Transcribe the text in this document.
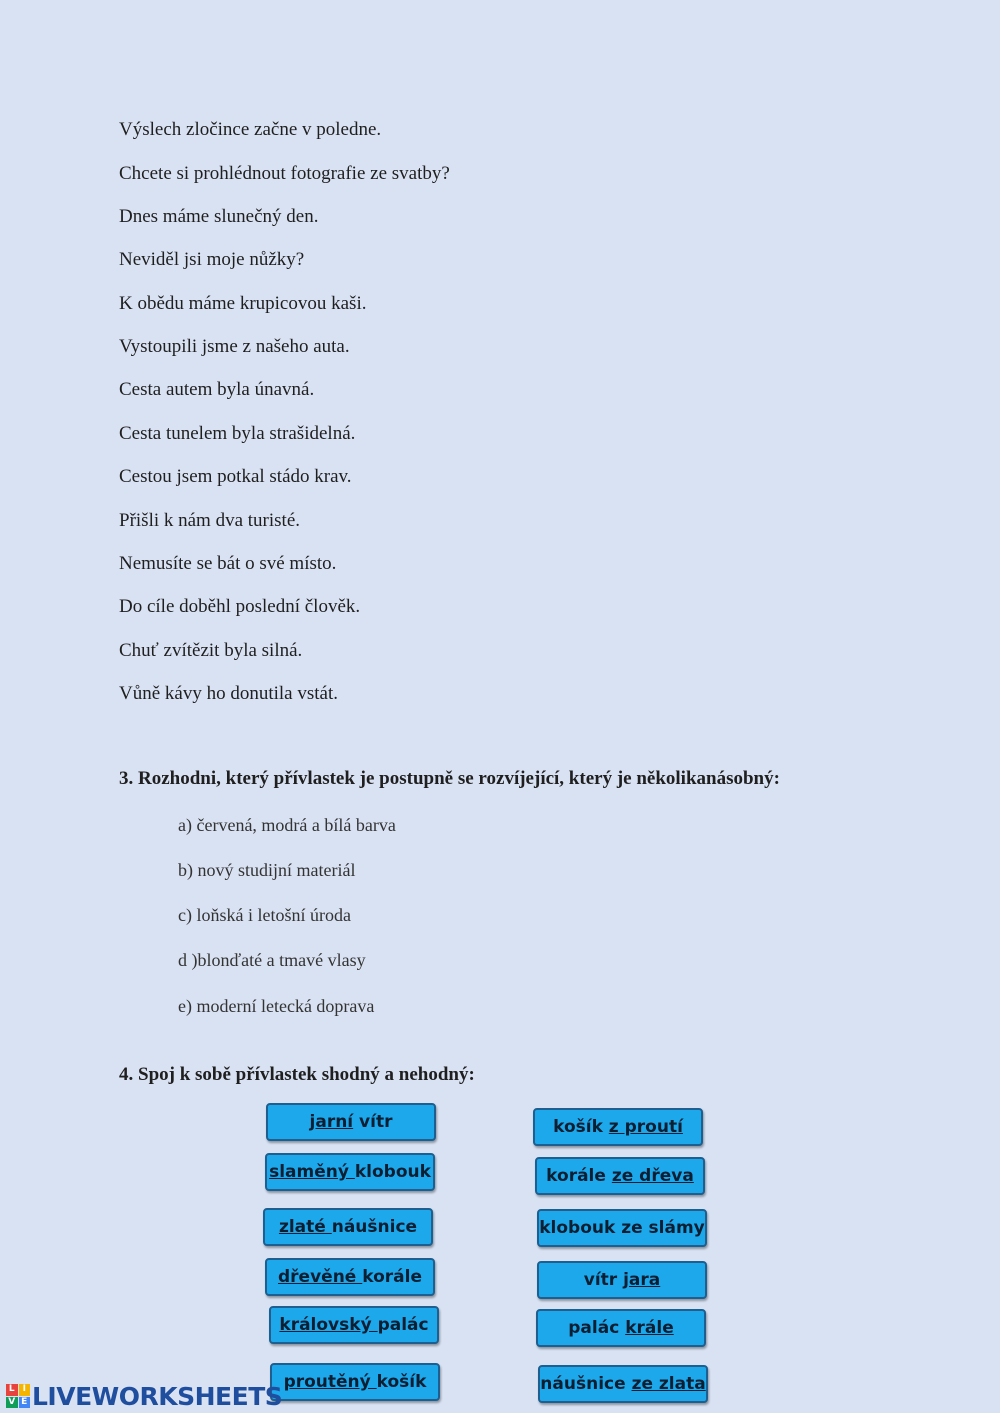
Výslech zločince začne v poledne.

Chcete si prohlédnout fotografie ze svatby?

Dnes máme slunečný den.

Neviděl jsi moje nůžky?

K obědu máme krupicovou kaši.

Vystoupili jsme z našeho auta.

Cesta autem byla únavná.

Cesta tunelem byla strašidelná.

Cestou jsem potkal stádo krav.

Přišli k nám dva turisté.

Nemusíte se bát o své místo.

Do cíle doběhl poslední člověk.

Chuť zvítězit byla silná.

Vůně kávy ho donutila vstát.

3. Rozhodni, který přívlastek je postupně se rozvíjející, který je několikanásobný:

a) červená, modrá a bílá barva

b) nový studijní materiál

c) loňská i letošní úroda

d )blonďaté a tmavé vlasy

e) moderní letecká doprava

4. Spoj k sobě přívlastek shodný a nehodný:

jarní vítr
slaměný klobouk
zlaté náušnice
dřevěné korále
královský palác
proutěný košík
košík z proutí
korále ze dřeva
klobouk ze slámy
vítr jara
palác krále
náušnice ze zlata
L I
V E LIVEWORKSHEETS
